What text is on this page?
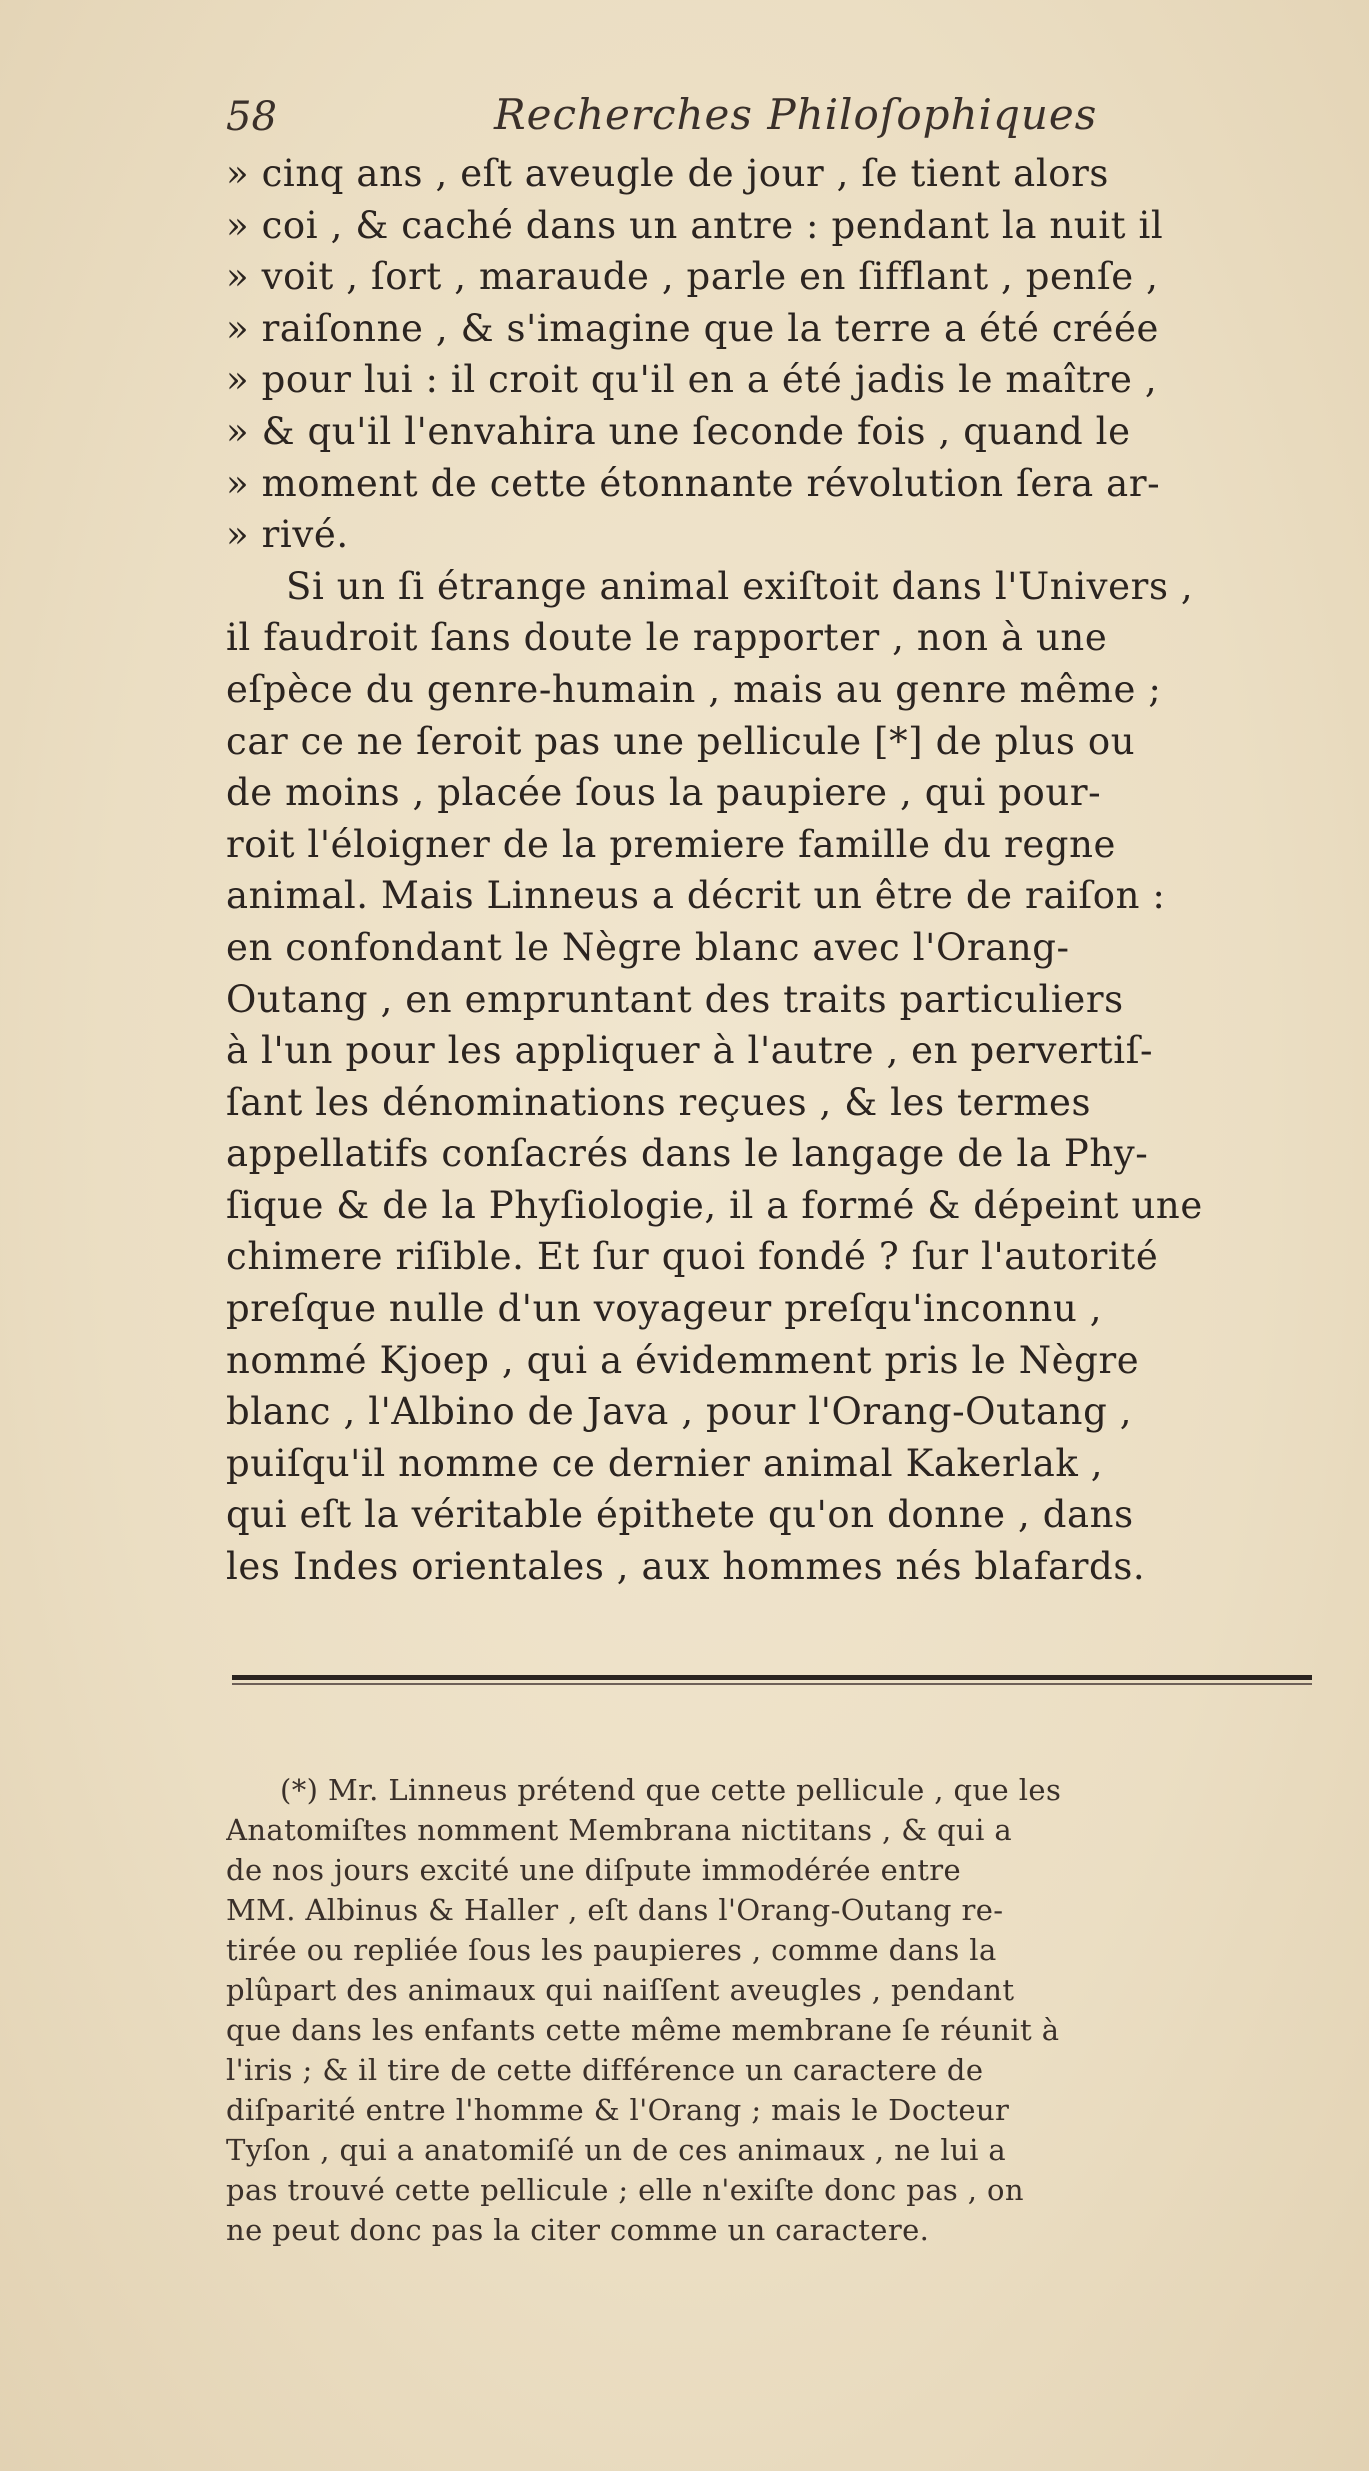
58	Recherches Philoſophiques
» cinq ans , eſt aveugle de jour , ſe tient alors
» coi , & caché dans un antre : pendant la nuit il
» voit , ſort , maraude , parle en ſifflant , penſe ,
» raiſonne , & s'imagine que la terre a été créée
» pour lui : il croit qu'il en a été jadis le maître ,
» & qu'il l'envahira une ſeconde fois , quand le
» moment de cette étonnante révolution ſera ar-
» rivé.
Si un ſi étrange animal exiſtoit dans l'Univers ,
il faudroit ſans doute le rapporter , non à une
eſpèce du genre-humain , mais au genre même ;
car ce ne ſeroit pas une pellicule [*] de plus ou
de moins , placée ſous la paupiere , qui pour-
roit l'éloigner de la premiere famille du regne
animal. Mais Linneus a décrit un être de raiſon :
en confondant le Nègre blanc avec l'Orang-
Outang , en empruntant des traits particuliers
à l'un pour les appliquer à l'autre , en pervertiſ-
ſant les dénominations reçues , & les termes
appellatifs conſacrés dans le langage de la Phy-
ſique & de la Phyſiologie, il a formé & dépeint une
chimere riſible. Et ſur quoi fondé ? ſur l'autorité
preſque nulle d'un voyageur preſqu'inconnu ,
nommé Kjoep , qui a évidemment pris le Nègre
blanc , l'Albino de Java , pour l'Orang-Outang ,
puiſqu'il nomme ce dernier animal Kakerlak ,
qui eſt la véritable épithete qu'on donne , dans
les Indes orientales , aux hommes nés blafards.
(*) Mr. Linneus prétend que cette pellicule , que les
Anatomiſtes nomment Membrana nictitans , & qui a
de nos jours excité une diſpute immodérée entre
MM. Albinus & Haller , eſt dans l'Orang-Outang re-
tirée ou repliée ſous les paupieres , comme dans la
plûpart des animaux qui naiſſent aveugles , pendant
que dans les enfants cette même membrane ſe réunit à
l'iris ; & il tire de cette différence un caractere de
diſparité entre l'homme & l'Orang ; mais le Docteur
Tyſon , qui a anatomiſé un de ces animaux , ne lui a
pas trouvé cette pellicule ; elle n'exiſte donc pas , on
ne peut donc pas la citer comme un caractere.
